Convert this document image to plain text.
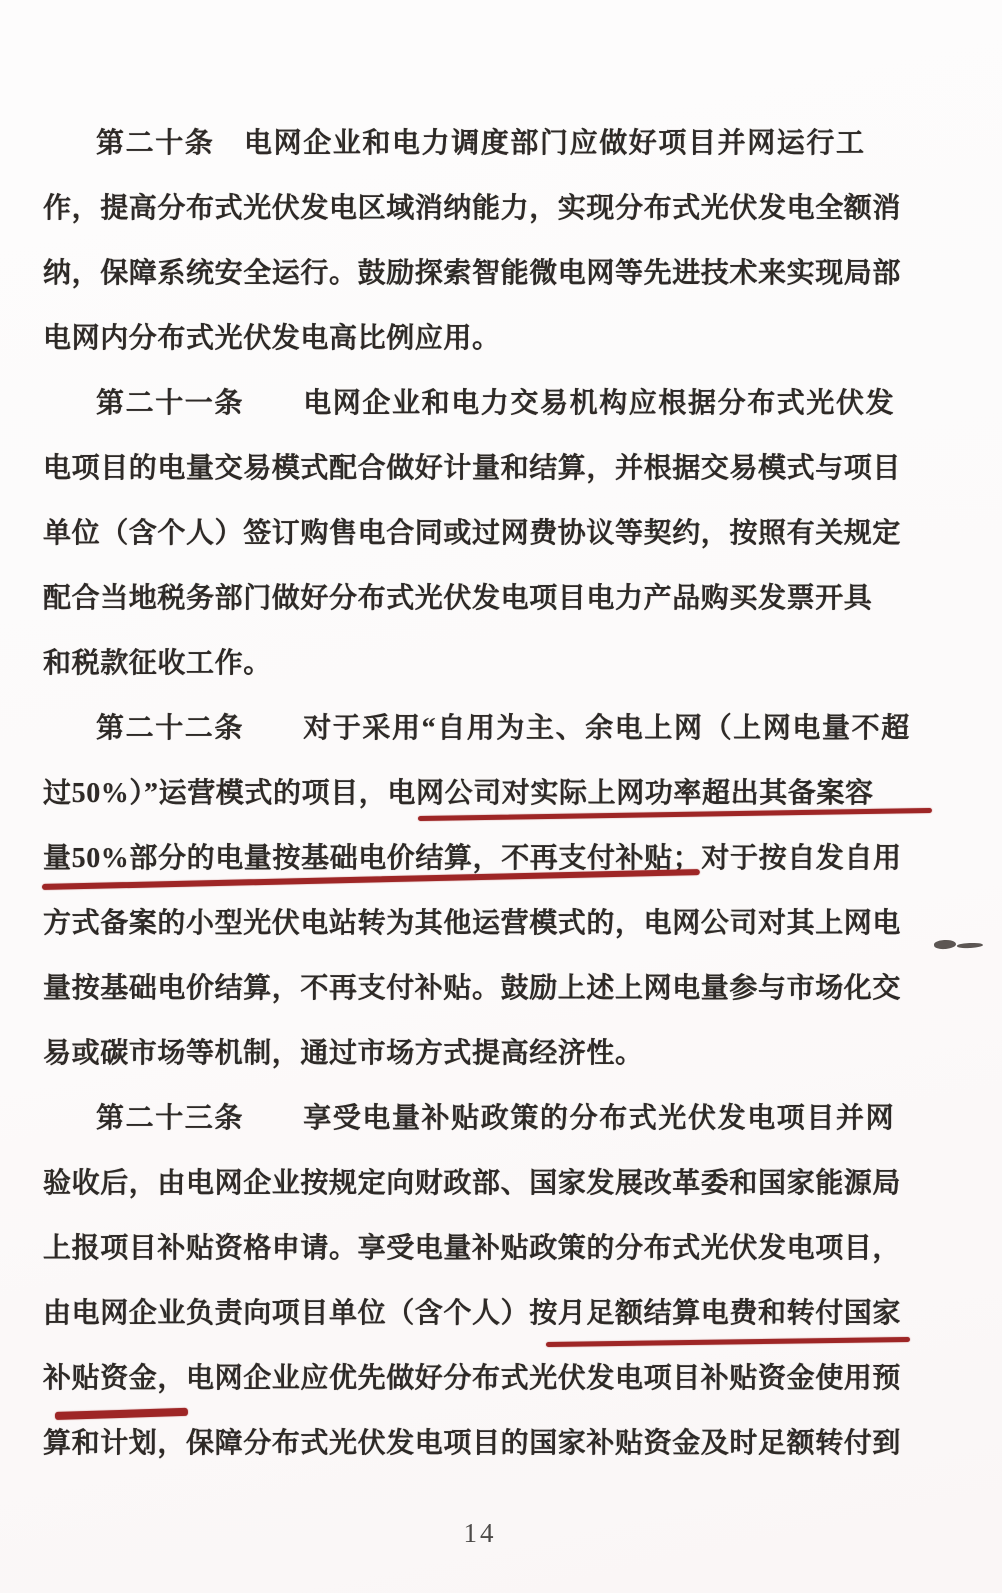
第二十条　电网企业和电力调度部门应做好项目并网运行工
作，提高分布式光伏发电区域消纳能力，实现分布式光伏发电全额消
纳，保障系统安全运行。鼓励探索智能微电网等先进技术来实现局部
电网内分布式光伏发电高比例应用。
第二十一条　　电网企业和电力交易机构应根据分布式光伏发
电项目的电量交易模式配合做好计量和结算，并根据交易模式与项目
单位（含个人）签订购售电合同或过网费协议等契约，按照有关规定
配合当地税务部门做好分布式光伏发电项目电力产品购买发票开具
和税款征收工作。
第二十二条　　对于采用“自用为主、余电上网（上网电量不超
过50%）”运营模式的项目，电网公司对实际上网功率超出其备案容
量50%部分的电量按基础电价结算，不再支付补贴；对于按自发自用
方式备案的小型光伏电站转为其他运营模式的，电网公司对其上网电
量按基础电价结算，不再支付补贴。鼓励上述上网电量参与市场化交
易或碳市场等机制，通过市场方式提高经济性。
第二十三条　　享受电量补贴政策的分布式光伏发电项目并网
验收后，由电网企业按规定向财政部、国家发展改革委和国家能源局
上报项目补贴资格申请。享受电量补贴政策的分布式光伏发电项目，
由电网企业负责向项目单位（含个人）按月足额结算电费和转付国家
补贴资金，电网企业应优先做好分布式光伏发电项目补贴资金使用预
算和计划，保障分布式光伏发电项目的国家补贴资金及时足额转付到
14
